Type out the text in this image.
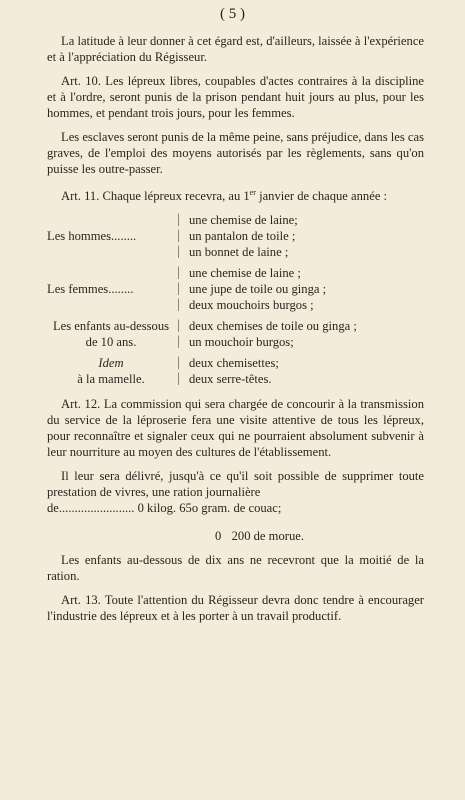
( 5 )

La latitude à leur donner à cet égard est, d'ailleurs, laissée à l'expérience et à l'appréciation du Régisseur.

Art. 10. Les lépreux libres, coupables d'actes contraires à la discipline et à l'ordre, seront punis de la prison pendant huit jours au plus, pour les hommes, et pendant trois jours, pour les femmes.

Les esclaves seront punis de la même peine, sans préjudice, dans les cas graves, de l'emploi des moyens autorisés par les règlements, sans qu'on puisse les outre-passer.

Art. 11. Chaque lépreux recevra, au 1er janvier de chaque année :

Les hommes........
|
|
|
une chemise de laine;
un pantalon de toile ;
un bonnet de laine ;
Les femmes........
|
|
|
une chemise de laine ;
une jupe de toile ou ginga ;
deux mouchoirs burgos ;
Les enfants au-dessous
de 10 ans.
|
|
deux chemises de toile ou ginga ;
un mouchoir burgos;
Idem
à la mamelle.
|
|
deux chemisettes;
deux serre-têtes.

Art. 12. La commission qui sera chargée de concourir à la transmission du service de la léproserie fera une visite attentive de tous les lépreux, pour reconnaître et signaler ceux qui ne pourraient absolument subvenir à leur nourriture au moyen des cultures de l'établissement.

Il leur sera délivré, jusqu'à ce qu'il soit possible de supprimer toute prestation de vivres, une ration journalière

de........................ 0 kilog. 65o gram. de couac;
0 200 de morue.

Les enfants au-dessous de dix ans ne recevront que la moitié de la ration.

Art. 13. Toute l'attention du Régisseur devra donc tendre à encourager l'industrie des lépreux et à les porter à un travail productif.
